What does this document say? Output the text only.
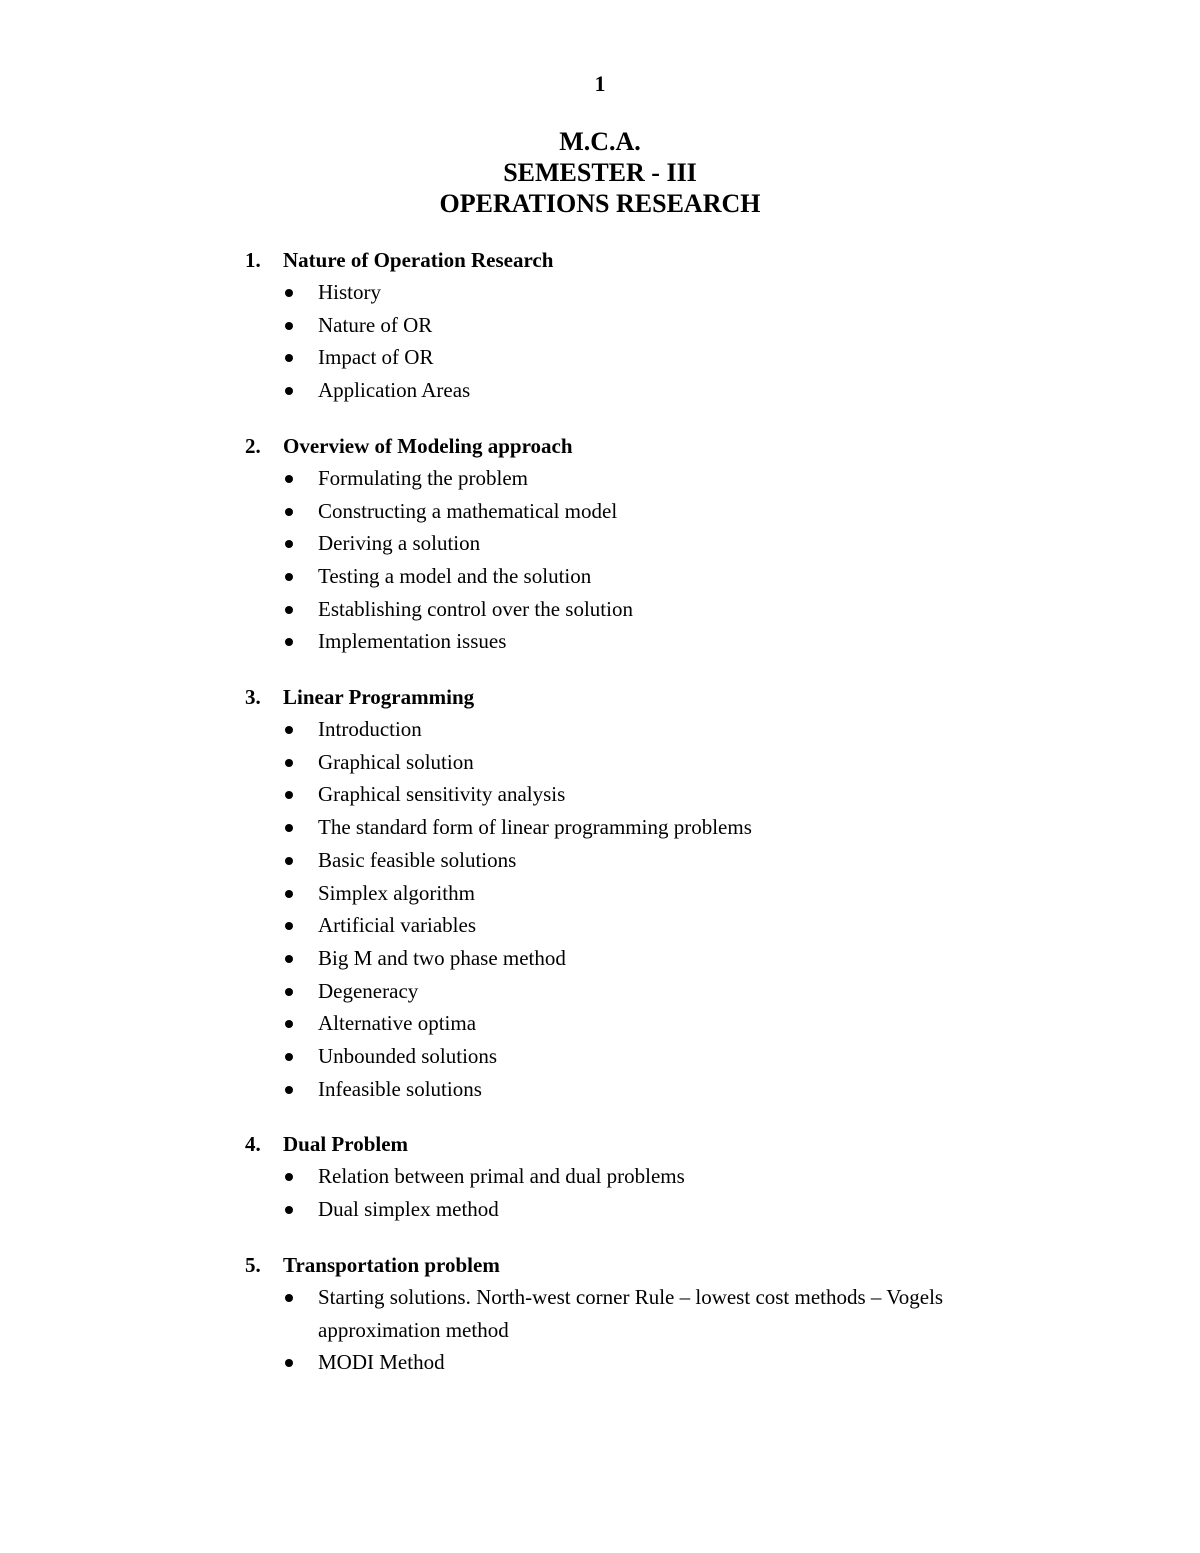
1
M.C.A.
SEMESTER - III
OPERATIONS RESEARCH
1.	Nature of Operation Research
History
Nature of OR
Impact of OR
Application Areas
2.	Overview of Modeling approach
Formulating the problem
Constructing a mathematical model
Deriving a solution
Testing a model and the solution
Establishing control over the solution
Implementation issues
3.	Linear Programming
Introduction
Graphical solution
Graphical sensitivity analysis
The standard form of linear programming problems
Basic feasible solutions
Simplex algorithm
Artificial variables
Big M and two phase method
Degeneracy
Alternative optima
Unbounded solutions
Infeasible solutions
4.	Dual Problem
Relation between primal and dual problems
Dual simplex method
5.	Transportation problem
Starting solutions. North-west corner Rule – lowest cost methods – Vogels approximation method
MODI Method
